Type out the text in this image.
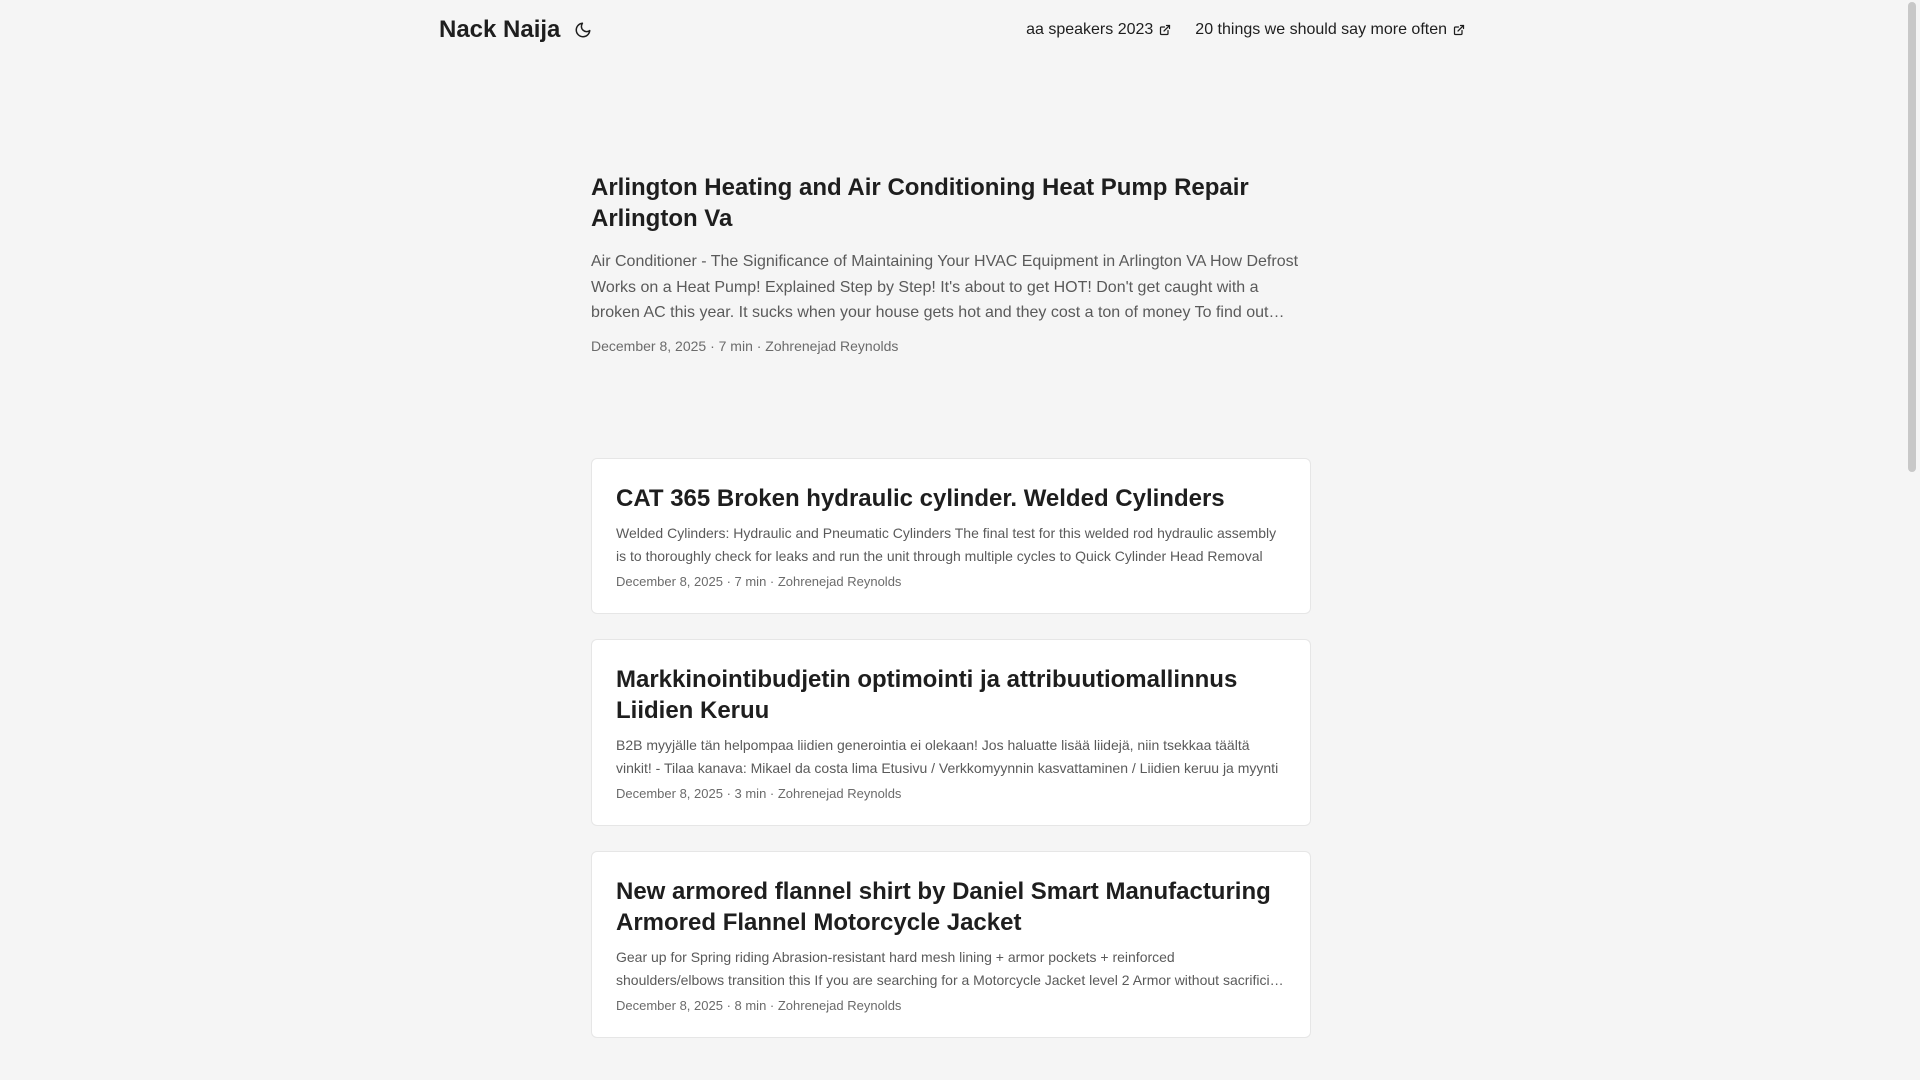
Nack Naija	aa speakers 2023	20 things we should say more often
Arlington Heating and Air Conditioning Heat Pump Repair Arlington Va

Air Conditioner - The Significance of Maintaining Your HVAC Equipment in Arlington VA How Defrost Works on a Heat Pump! Explained Step by Step! It's about to get HOT! Don't get caught with a broken AC this year. It sucks when your house gets hot and they cost a ton of money To find out

December 8, 2025 · 7 min · Zohrenejad Reynolds
CAT 365 Broken hydraulic cylinder. Welded Cylinders

Welded Cylinders: Hydraulic and Pneumatic Cylinders The final test for this welded rod hydraulic assembly is to thoroughly check for leaks and run the unit through multiple cycles to Quick Cylinder Head Removal

December 8, 2025 · 7 min · Zohrenejad Reynolds
Markkinointibudjetin optimointi ja attribuutiomallinnus Liidien Keruu

B2B myyjälle tän helpompaa liidien generointia ei olekaan! Jos haluatte lisää liidejä, niin tsekkaa täältä vinkit! - Tilaa kanava: Mikael da costa lima Etusivu / Verkkomyynnin kasvattaminen / Liidien keruu ja myynti

December 8, 2025 · 3 min · Zohrenejad Reynolds
New armored flannel shirt by Daniel Smart Manufacturing Armored Flannel Motorcycle Jacket

Gear up for Spring riding Abrasion-resistant hard mesh lining + armor pockets + reinforced shoulders/elbows transition this If you are searching for a Motorcycle Jacket level 2 Armor without sacrificing

December 8, 2025 · 8 min · Zohrenejad Reynolds
